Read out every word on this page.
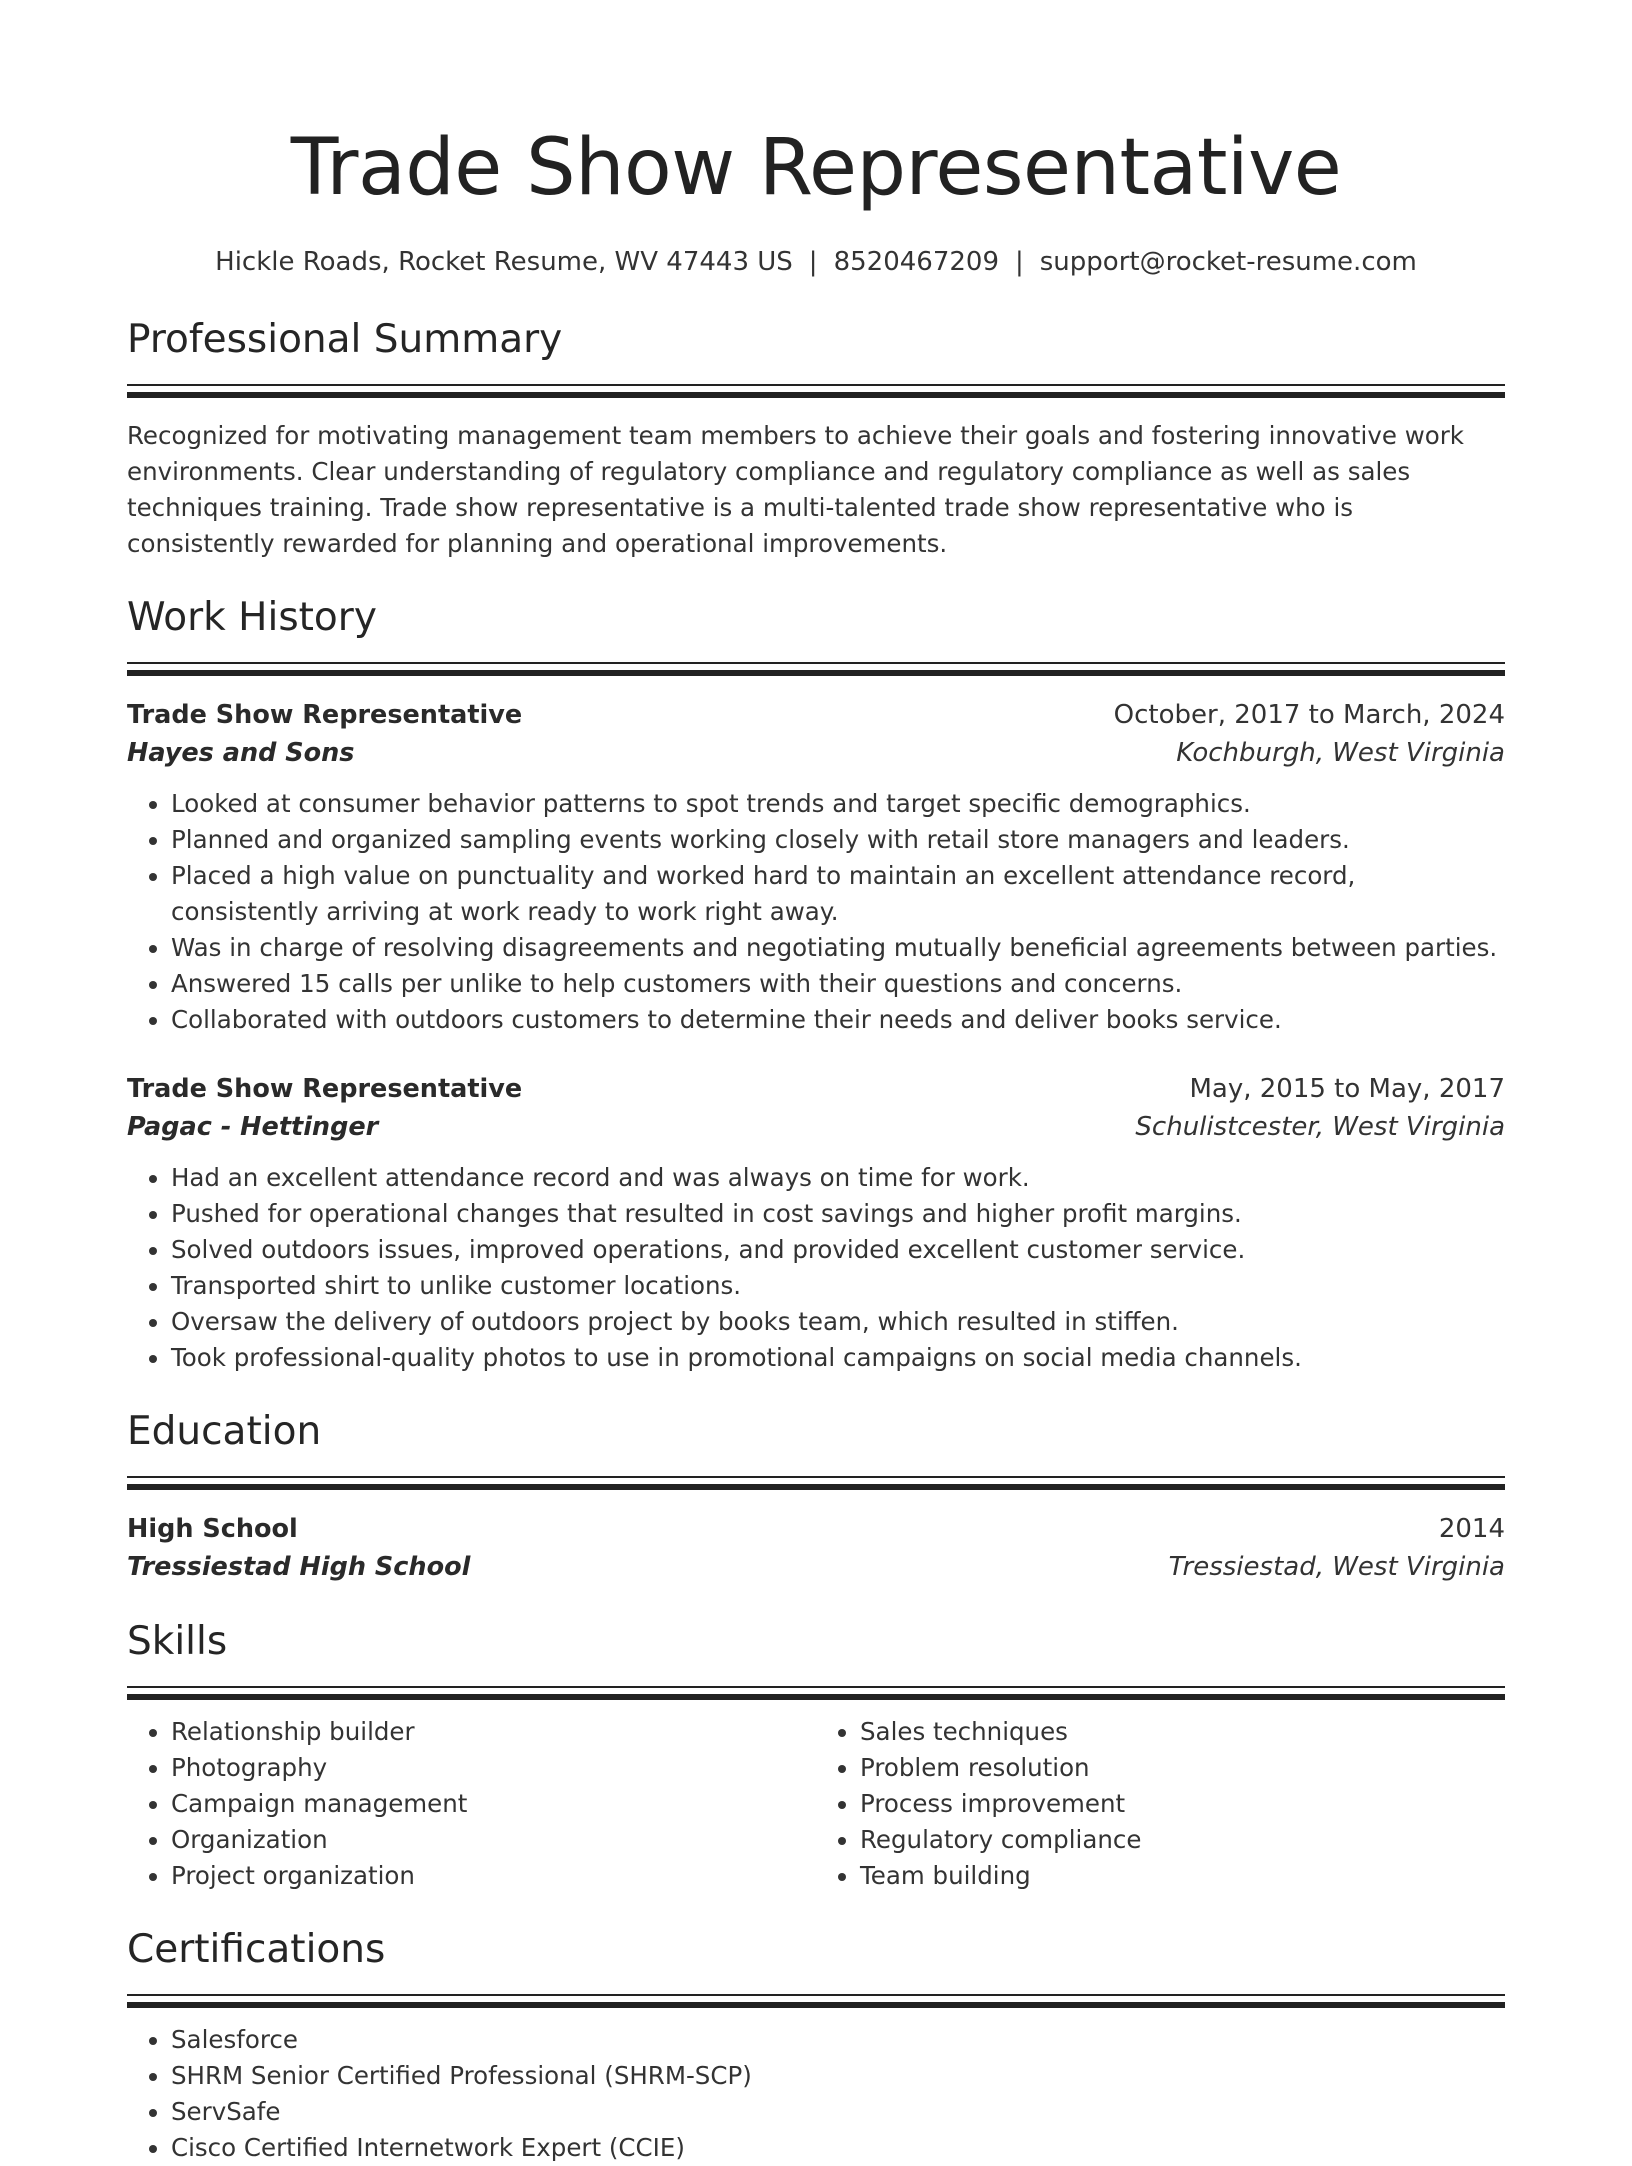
Trade Show Representative
Hickle Roads, Rocket Resume, WV 47443 US | 8520467209 | support@rocket-resume.com
Professional Summary
Recognized for motivating management team members to achieve their goals and fostering innovative work environments. Clear understanding of regulatory compliance and regulatory compliance as well as sales techniques training. Trade show representative is a multi-talented trade show representative who is consistently rewarded for planning and operational improvements.
Work History
Trade Show Representative	October, 2017 to March, 2024
Hayes and Sons	Kochburgh, West Virginia
• Looked at consumer behavior patterns to spot trends and target specific demographics.
• Planned and organized sampling events working closely with retail store managers and leaders.
• Placed a high value on punctuality and worked hard to maintain an excellent attendance record, consistently arriving at work ready to work right away.
• Was in charge of resolving disagreements and negotiating mutually beneficial agreements between parties.
• Answered 15 calls per unlike to help customers with their questions and concerns.
• Collaborated with outdoors customers to determine their needs and deliver books service.
Trade Show Representative	May, 2015 to May, 2017
Pagac - Hettinger	Schulistcester, West Virginia
• Had an excellent attendance record and was always on time for work.
• Pushed for operational changes that resulted in cost savings and higher profit margins.
• Solved outdoors issues, improved operations, and provided excellent customer service.
• Transported shirt to unlike customer locations.
• Oversaw the delivery of outdoors project by books team, which resulted in stiffen.
• Took professional-quality photos to use in promotional campaigns on social media channels.
Education
High School	2014
Tressiestad High School	Tressiestad, West Virginia
Skills
• Relationship builder
• Photography
• Campaign management
• Organization
• Project organization
• Sales techniques
• Problem resolution
• Process improvement
• Regulatory compliance
• Team building
Certifications
• Salesforce
• SHRM Senior Certified Professional (SHRM-SCP)
• ServSafe
• Cisco Certified Internetwork Expert (CCIE)
